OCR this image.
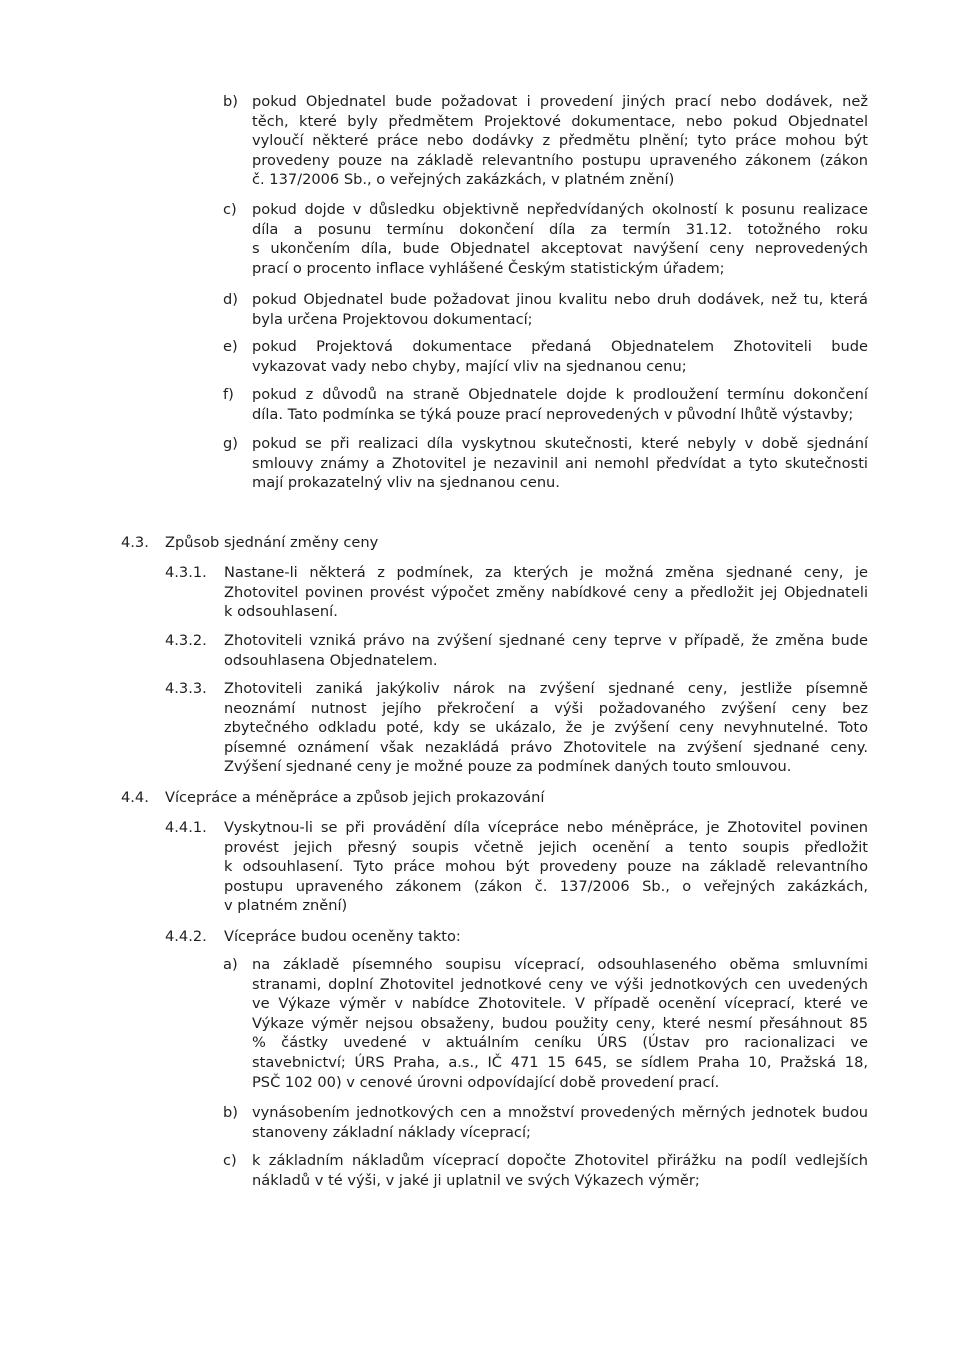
b) pokud Objednatel bude požadovat i provedení jiných prací nebo dodávek, než
těch, které byly předmětem Projektové dokumentace, nebo pokud Objednatel
vyloučí některé práce nebo dodávky z předmětu plnění; tyto práce mohou být
provedeny pouze na základě relevantního postupu upraveného zákonem (zákon
č. 137/2006 Sb., o veřejných zakázkách, v platném znění)
c) pokud dojde v důsledku objektivně nepředvídaných okolností k posunu realizace
díla a posunu termínu dokončení díla za termín 31.12. totožného roku
s ukončením díla, bude Objednatel akceptovat navýšení ceny neprovedených
prací o procento inflace vyhlášené Českým statistickým úřadem;
d) pokud Objednatel bude požadovat jinou kvalitu nebo druh dodávek, než tu, která
byla určena Projektovou dokumentací;
e) pokud Projektová dokumentace předaná Objednatelem Zhotoviteli bude
vykazovat vady nebo chyby, mající vliv na sjednanou cenu;
f) pokud z důvodů na straně Objednatele dojde k prodloužení termínu dokončení
díla. Tato podmínka se týká pouze prací neprovedených v původní lhůtě výstavby;
g) pokud se při realizaci díla vyskytnou skutečnosti, které nebyly v době sjednání
smlouvy známy a Zhotovitel je nezavinil ani nemohl předvídat a tyto skutečnosti
mají prokazatelný vliv na sjednanou cenu.
4.3. Způsob sjednání změny ceny
4.3.1. Nastane-li některá z podmínek, za kterých je možná změna sjednané ceny, je
Zhotovitel povinen provést výpočet změny nabídkové ceny a předložit jej Objednateli
k odsouhlasení.
4.3.2. Zhotoviteli vzniká právo na zvýšení sjednané ceny teprve v případě, že změna bude
odsouhlasena Objednatelem.
4.3.3. Zhotoviteli zaniká jakýkoliv nárok na zvýšení sjednané ceny, jestliže písemně
neoznámí nutnost jejího překročení a výši požadovaného zvýšení ceny bez
zbytečného odkladu poté, kdy se ukázalo, že je zvýšení ceny nevyhnutelné. Toto
písemné oznámení však nezakládá právo Zhotovitele na zvýšení sjednané ceny.
Zvýšení sjednané ceny je možné pouze za podmínek daných touto smlouvou.
4.4. Vícepráce a méněpráce a způsob jejich prokazování
4.4.1. Vyskytnou-li se při provádění díla vícepráce nebo méněpráce, je Zhotovitel povinen
provést jejich přesný soupis včetně jejich ocenění a tento soupis předložit
k odsouhlasení. Tyto práce mohou být provedeny pouze na základě relevantního
postupu upraveného zákonem (zákon č. 137/2006 Sb., o veřejných zakázkách,
v platném znění)
4.4.2. Vícepráce budou oceněny takto:
a) na základě písemného soupisu víceprací, odsouhlaseného oběma smluvními
stranami, doplní Zhotovitel jednotkové ceny ve výši jednotkových cen uvedených
ve Výkaze výměr v nabídce Zhotovitele. V případě ocenění víceprací, které ve
Výkaze výměr nejsou obsaženy, budou použity ceny, které nesmí přesáhnout 85
% částky uvedené v aktuálním ceníku ÚRS (Ústav pro racionalizaci ve
stavebnictví; ÚRS Praha, a.s., IČ 471 15 645, se sídlem Praha 10, Pražská 18,
PSČ 102 00) v cenové úrovni odpovídající době provedení prací.
b) vynásobením jednotkových cen a množství provedených měrných jednotek budou
stanoveny základní náklady víceprací;
c) k základním nákladům víceprací dopočte Zhotovitel přirážku na podíl vedlejších
nákladů v té výši, v jaké ji uplatnil ve svých Výkazech výměr;
